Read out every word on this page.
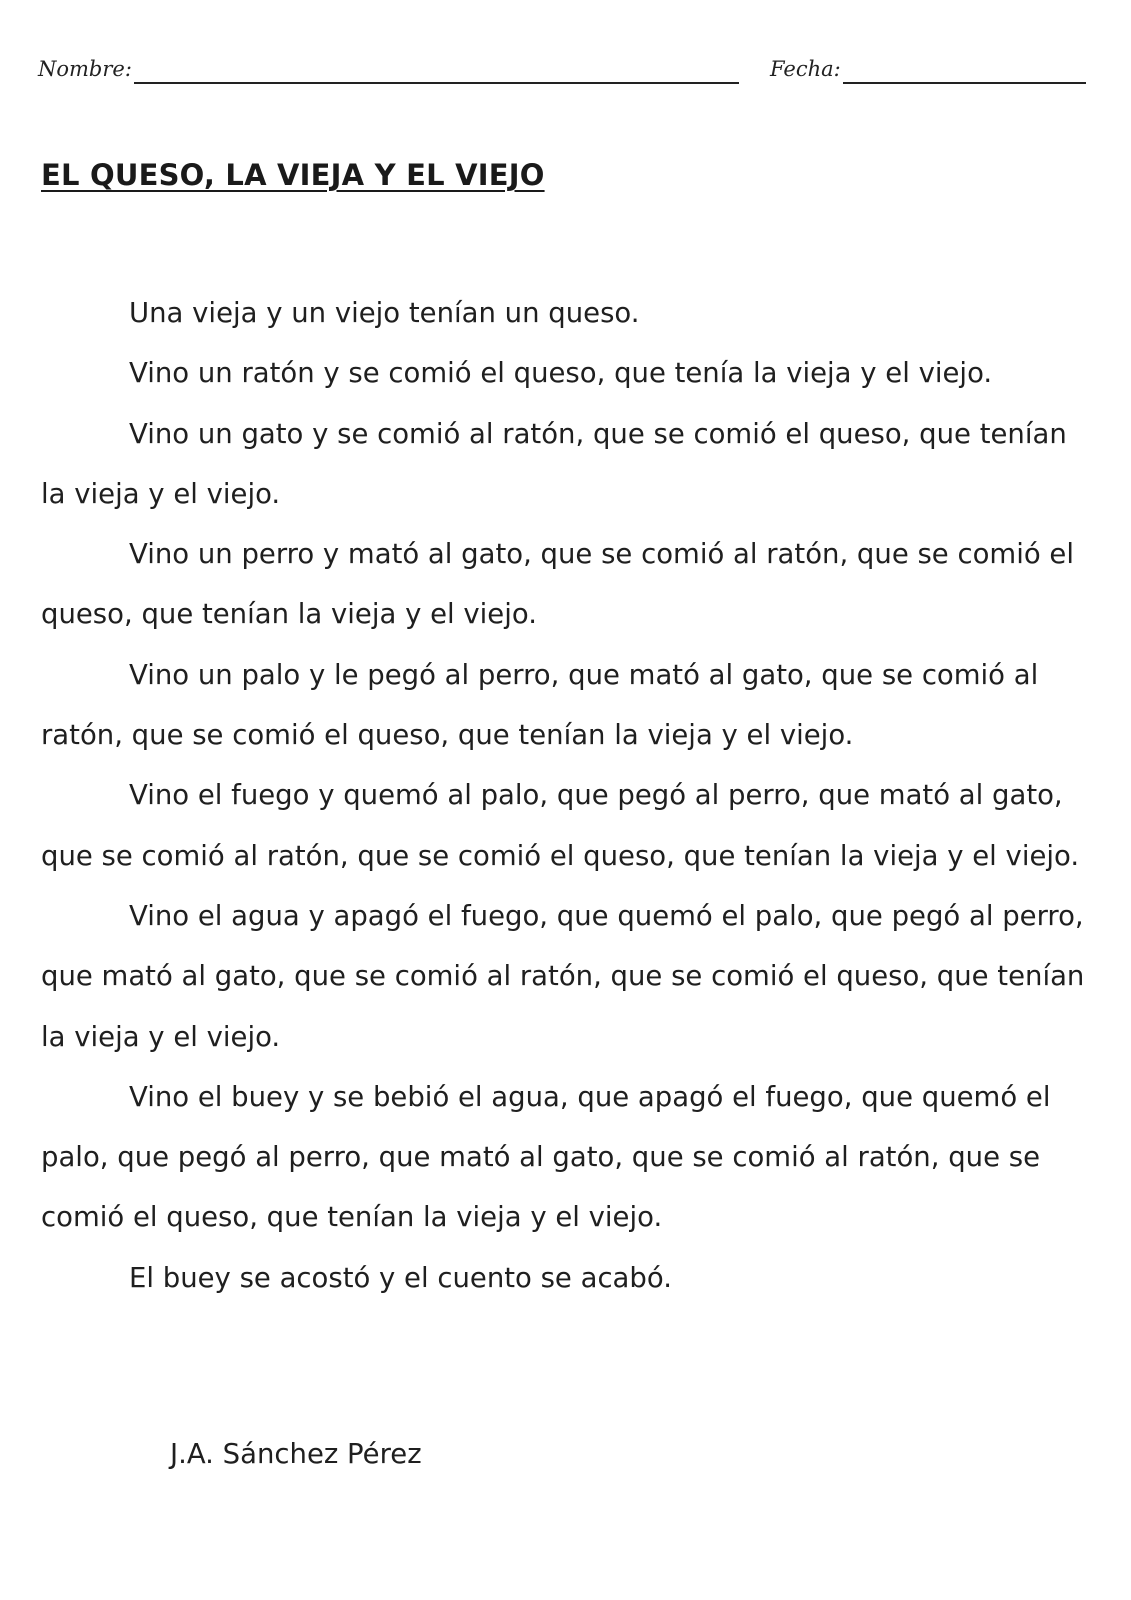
Nombre:	Fecha:
EL QUESO, LA VIEJA Y EL VIEJO

Una vieja y un viejo tenían un queso.

Vino un ratón y se comió el queso, que tenía la vieja y el viejo.

Vino un gato y se comió al ratón, que se comió el queso, que tenían la vieja y el viejo.

Vino un perro y mató al gato, que se comió al ratón, que se comió el queso, que tenían la vieja y el viejo.

Vino un palo y le pegó al perro, que mató al gato, que se comió al ratón, que se comió el queso, que tenían la vieja y el viejo.

Vino el fuego y quemó al palo, que pegó al perro, que mató al gato, que se comió al ratón, que se comió el queso, que tenían la vieja y el viejo.

Vino el agua y apagó el fuego, que quemó el palo, que pegó al perro, que mató al gato, que se comió al ratón, que se comió el queso, que tenían la vieja y el viejo.

Vino el buey y se bebió el agua, que apagó el fuego, que quemó el palo, que pegó al perro, que mató al gato, que se comió al ratón, que se comió el queso, que tenían la vieja y el viejo.

El buey se acostó y el cuento se acabó.

J.A. Sánchez Pérez
